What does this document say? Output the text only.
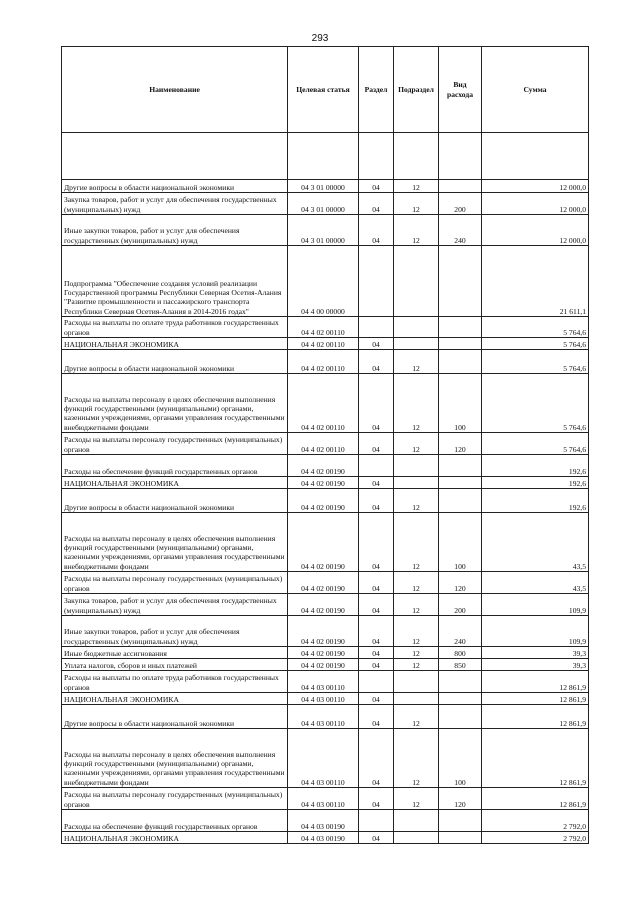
293
Наименование	Целевая статья	Раздел	Подраздел	Вид расхода	Сумма

Другие вопросы в области национальной экономики	04 3 01 00000	04	12		12 000,0
Закупка товаров, работ и услуг для обеспечения государственных (муниципальных) нужд	04 3 01 00000	04	12	200	12 000,0
Иные закупки товаров, работ и услуг для обеспечения государственных (муниципальных) нужд	04 3 01 00000	04	12	240	12 000,0
Подпрограмма "Обеспечение создания условий реализации Государственной программы Республики Северная Осетия-Алания "Развитие промышленности и пассажирского транспорта Республики Северная Осетия-Алания в 2014-2016 годах"	04 4 00 00000				21 611,1
Расходы на выплаты по оплате труда работников государственных органов	04 4 02 00110				5 764,6
НАЦИОНАЛЬНАЯ ЭКОНОМИКА	04 4 02 00110	04			5 764,6
Другие вопросы в области национальной экономики	04 4 02 00110	04	12		5 764,6
Расходы на выплаты персоналу в целях обеспечения выполнения функций государственными (муниципальными) органами, казенными учреждениями, органами управления государственными внебюджетными фондами	04 4 02 00110	04	12	100	5 764,6
Расходы на выплаты персоналу государственных (муниципальных) органов	04 4 02 00110	04	12	120	5 764,6
Расходы на обеспечение функций государственных органов	04 4 02 00190				192,6
НАЦИОНАЛЬНАЯ ЭКОНОМИКА	04 4 02 00190	04			192,6
Другие вопросы в области национальной экономики	04 4 02 00190	04	12		192,6
Расходы на выплаты персоналу в целях обеспечения выполнения функций государственными (муниципальными) органами, казенными учреждениями, органами управления государственными внебюджетными фондами	04 4 02 00190	04	12	100	43,5
Расходы на выплаты персоналу государственных (муниципальных) органов	04 4 02 00190	04	12	120	43,5
Закупка товаров, работ и услуг для обеспечения государственных (муниципальных) нужд	04 4 02 00190	04	12	200	109,9
Иные закупки товаров, работ и услуг для обеспечения государственных (муниципальных) нужд	04 4 02 00190	04	12	240	109,9
Иные бюджетные ассигнования	04 4 02 00190	04	12	800	39,3
Уплата налогов, сборов и иных платежей	04 4 02 00190	04	12	850	39,3
Расходы на выплаты по оплате труда работников государственных органов	04 4 03 00110				12 861,9
НАЦИОНАЛЬНАЯ ЭКОНОМИКА	04 4 03 00110	04			12 861,9
Другие вопросы в области национальной экономики	04 4 03 00110	04	12		12 861,9
Расходы на выплаты персоналу в целях обеспечения выполнения функций государственными (муниципальными) органами, казенными учреждениями, органами управления государственными внебюджетными фондами	04 4 03 00110	04	12	100	12 861,9
Расходы на выплаты персоналу государственных (муниципальных) органов	04 4 03 00110	04	12	120	12 861,9
Расходы на обеспечение функций государственных органов	04 4 03 00190				2 792,0
НАЦИОНАЛЬНАЯ ЭКОНОМИКА	04 4 03 00190	04			2 792,0
